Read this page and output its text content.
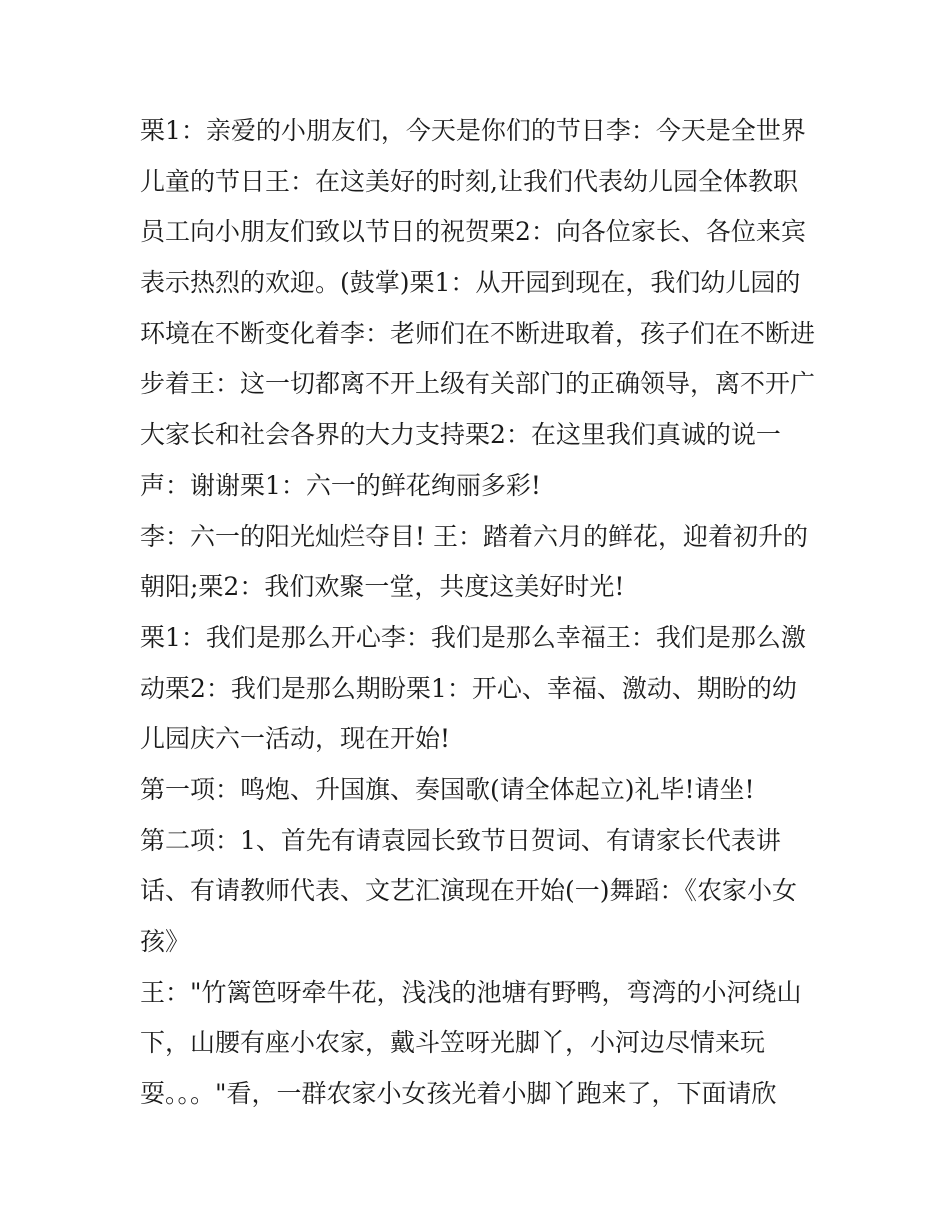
栗1：亲爱的小朋友们，今天是你们的节日李：今天是全世界
儿童的节日王：在这美好的时刻,让我们代表幼儿园全体教职
员工向小朋友们致以节日的祝贺栗2：向各位家长、各位来宾
表示热烈的欢迎。(鼓掌)栗1：从开园到现在，我们幼儿园的
环境在不断变化着李：老师们在不断进取着，孩子们在不断进
步着王：这一切都离不开上级有关部门的正确领导，离不开广
大家长和社会各界的大力支持栗2：在这里我们真诚的说一
声：谢谢栗1：六一的鲜花绚丽多彩!
李：六一的阳光灿烂夺目! 王：踏着六月的鲜花，迎着初升的
朝阳;栗2：我们欢聚一堂，共度这美好时光!
栗1：我们是那么开心李：我们是那么幸福王：我们是那么激
动栗2：我们是那么期盼栗1：开心、幸福、激动、期盼的幼
儿园庆六一活动，现在开始!
第一项：鸣炮、升国旗、奏国歌(请全体起立)礼毕!请坐!
第二项：1、首先有请袁园长致节日贺词、有请家长代表讲
话、有请教师代表、文艺汇演现在开始(一)舞蹈：《农家小女
孩》
王："竹篱笆呀牵牛花，浅浅的池塘有野鸭，弯湾的小河绕山
下，山腰有座小农家，戴斗笠呀光脚丫，小河边尽情来玩
耍。。。"看，一群农家小女孩光着小脚丫跑来了，下面请欣
